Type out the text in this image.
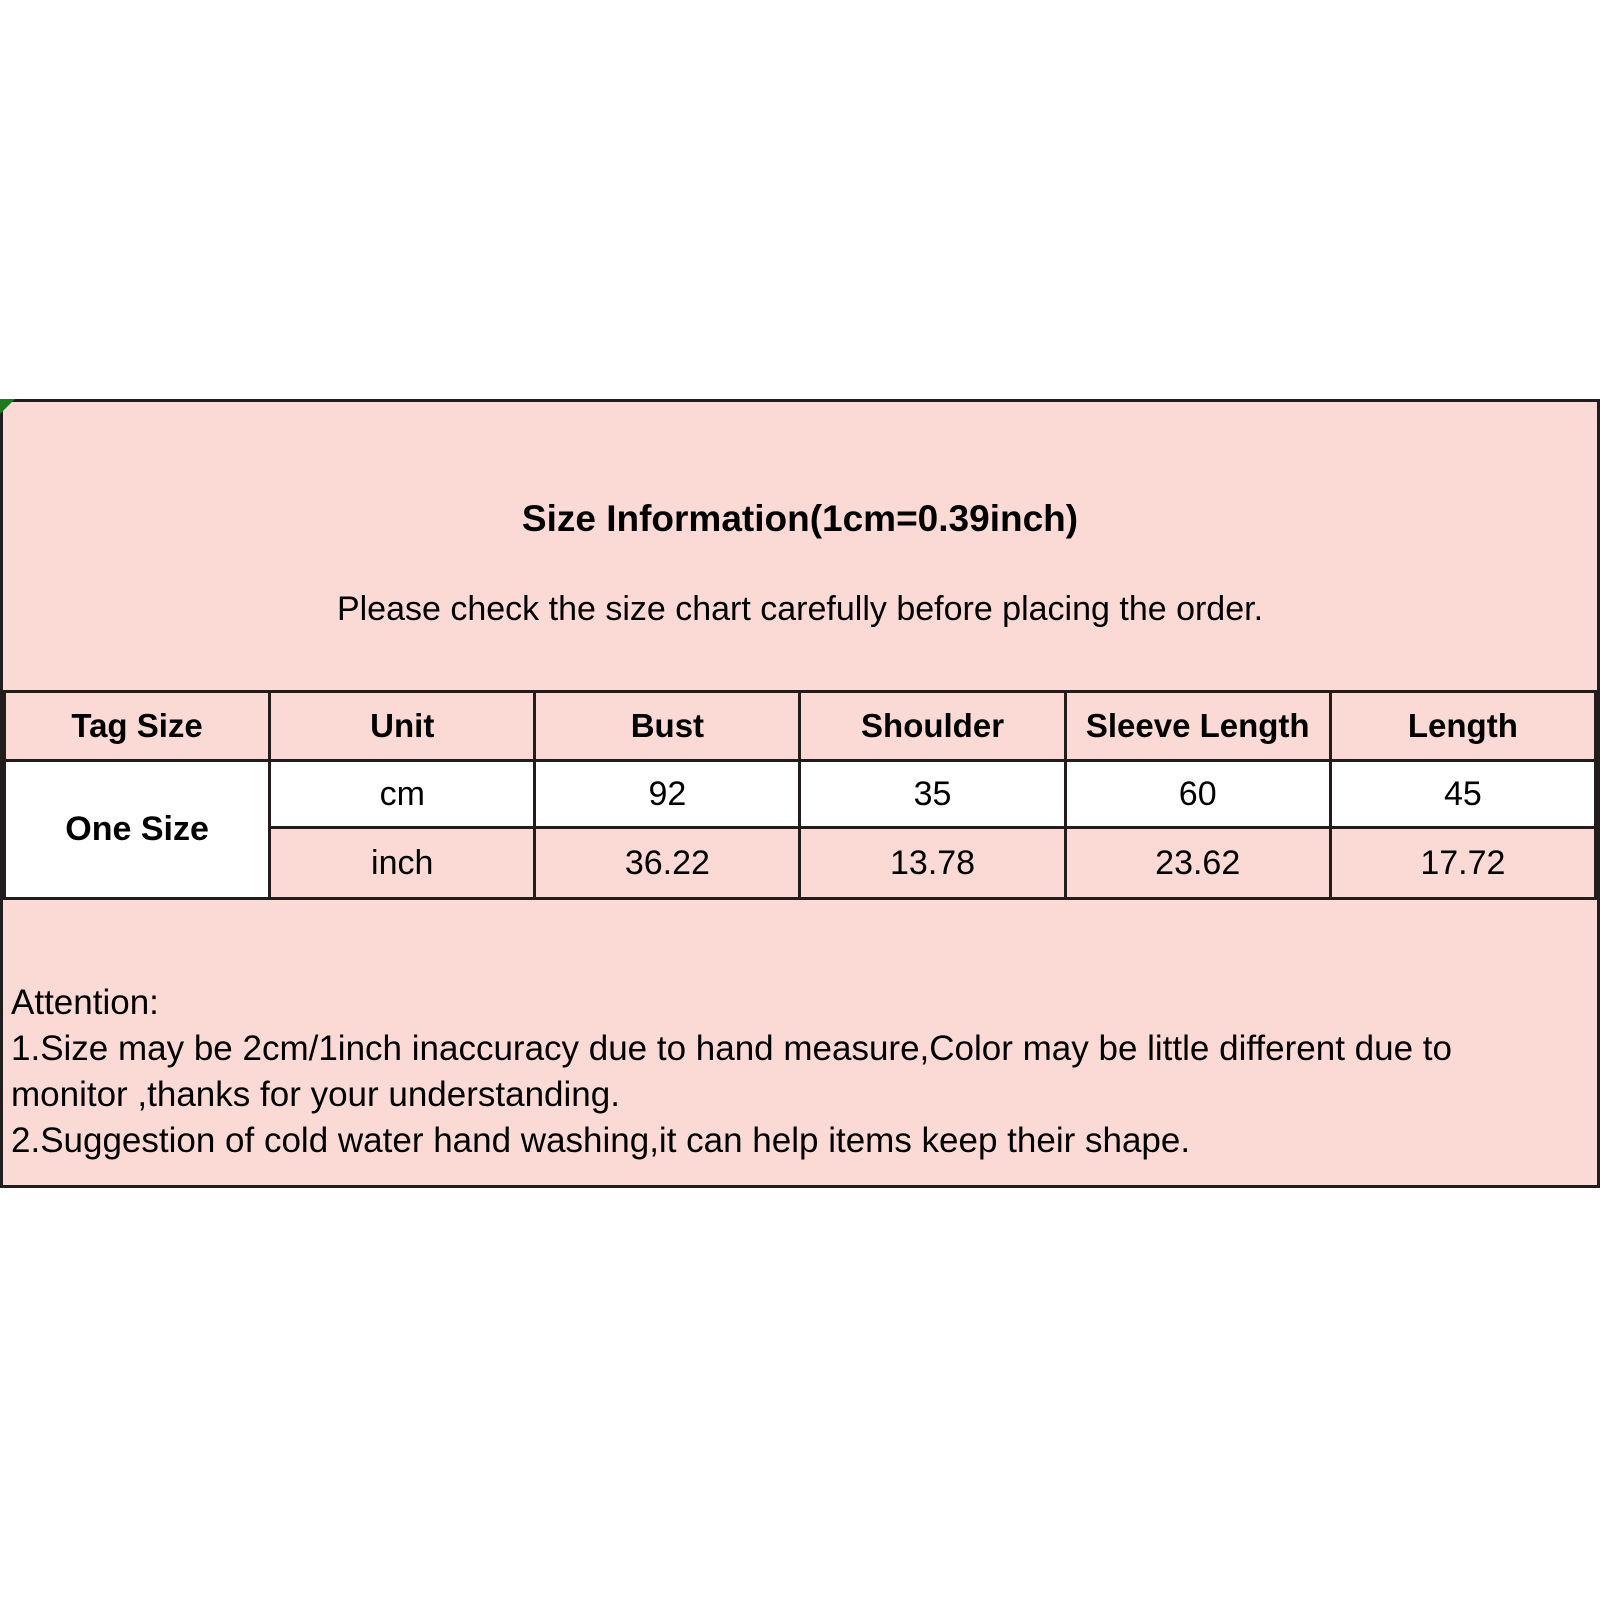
Size Information(1cm=0.39inch)

Please check the size chart carefully before placing the order.

Tag Size	Unit	Bust	Shoulder	Sleeve Length	Length
One Size	cm	92	35	60	45
	inch	36.22	13.78	23.62	17.72
Attention:
1.Size may be 2cm/1inch inaccuracy due to hand measure,Color may be little different due to
monitor ,thanks for your understanding.
2.Suggestion of cold water hand washing,it can help items keep their shape.
